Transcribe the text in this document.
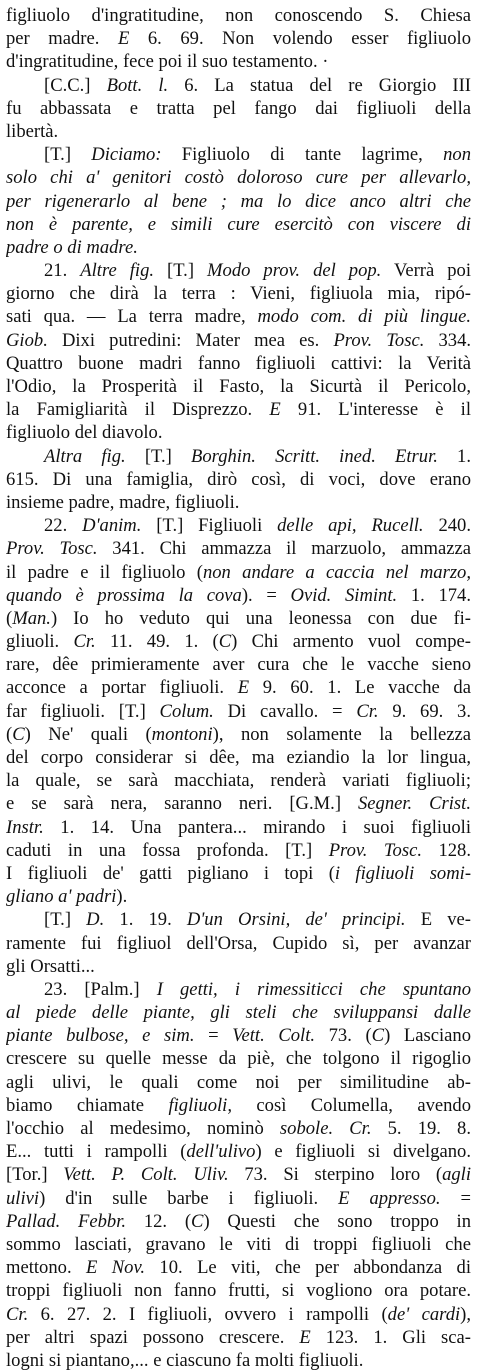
figliuolo d'ingratitudine, non conoscendo S. Chiesa
per madre. E 6. 69. Non volendo esser figliuolo
d'ingratitudine, fece poi il suo testamento. ·
[C.C.] Bott. l. 6. La statua del re Giorgio III
fu abbassata e tratta pel fango dai figliuoli della
libertà.
[T.] Diciamo: Figliuolo di tante lagrime, non
solo chi a' genitori costò doloroso cure per allevarlo,
per rigenerarlo al bene ; ma lo dice anco altri che
non è parente, e simili cure esercitò con viscere di
padre o di madre.
21. Altre fig. [T.] Modo prov. del pop. Verrà poi
giorno che dirà la terra : Vieni, figliuola mia, ripó-
sati qua. — La terra madre, modo com. di più lingue.
Giob. Dixi putredini: Mater mea es. Prov. Tosc. 334.
Quattro buone madri fanno figliuoli cattivi: la Verità
l'Odio, la Prosperità il Fasto, la Sicurtà il Pericolo,
la Famigliarità il Disprezzo. E 91. L'interesse è il
figliuolo del diavolo.
Altra fig. [T.] Borghin. Scritt. ined. Etrur. 1.
615. Di una famiglia, dirò così, di voci, dove erano
insieme padre, madre, figliuoli.
22. D'anim. [T.] Figliuoli delle api, Rucell. 240.
Prov. Tosc. 341. Chi ammazza il marzuolo, ammazza
il padre e il figliuolo (non andare a caccia nel marzo,
quando è prossima la cova). = Ovid. Simint. 1. 174.
(Man.) Io ho veduto qui una leonessa con due fi-
gliuoli. Cr. 11. 49. 1. (C) Chi armento vuol compe-
rare, dêe primieramente aver cura che le vacche sieno
acconce a portar figliuoli. E 9. 60. 1. Le vacche da
far figliuoli. [T.] Colum. Di cavallo. = Cr. 9. 69. 3.
(C) Ne' quali (montoni), non solamente la bellezza
del corpo considerar si dêe, ma eziandio la lor lingua,
la quale, se sarà macchiata, renderà variati figliuoli;
e se sarà nera, saranno neri. [G.M.] Segner. Crist.
Instr. 1. 14. Una pantera... mirando i suoi figliuoli
caduti in una fossa profonda. [T.] Prov. Tosc. 128.
I figliuoli de' gatti pigliano i topi (i figliuoli somi-
gliano a' padri).
[T.] D. 1. 19. D'un Orsini, de' principi. E ve-
ramente fui figliuol dell'Orsa, Cupido sì, per avanzar
gli Orsatti...
23. [Palm.] I getti, i rimessiticci che spuntano
al piede delle piante, gli steli che sviluppansi dalle
piante bulbose, e sim. = Vett. Colt. 73. (C) Lasciano
crescere su quelle messe da piè, che tolgono il rigoglio
agli ulivi, le quali come noi per similitudine ab-
biamo chiamate figliuoli, così Columella, avendo
l'occhio al medesimo, nominò sobole. Cr. 5. 19. 8.
E... tutti i rampolli (dell'ulivo) e figliuoli si divelgano.
[Tor.] Vett. P. Colt. Uliv. 73. Si sterpino loro (agli
ulivi) d'in sulle barbe i figliuoli. E appresso. =
Pallad. Febbr. 12. (C) Questi che sono troppo in
sommo lasciati, gravano le viti di troppi figliuoli che
mettono. E Nov. 10. Le viti, che per abbondanza di
troppi figliuoli non fanno frutti, si vogliono ora potare.
Cr. 6. 27. 2. I figliuoli, ovvero i rampolli (de' cardi),
per altri spazi possono crescere. E 123. 1. Gli sca-
logni si piantano,... e ciascuno fa molti figliuoli.
